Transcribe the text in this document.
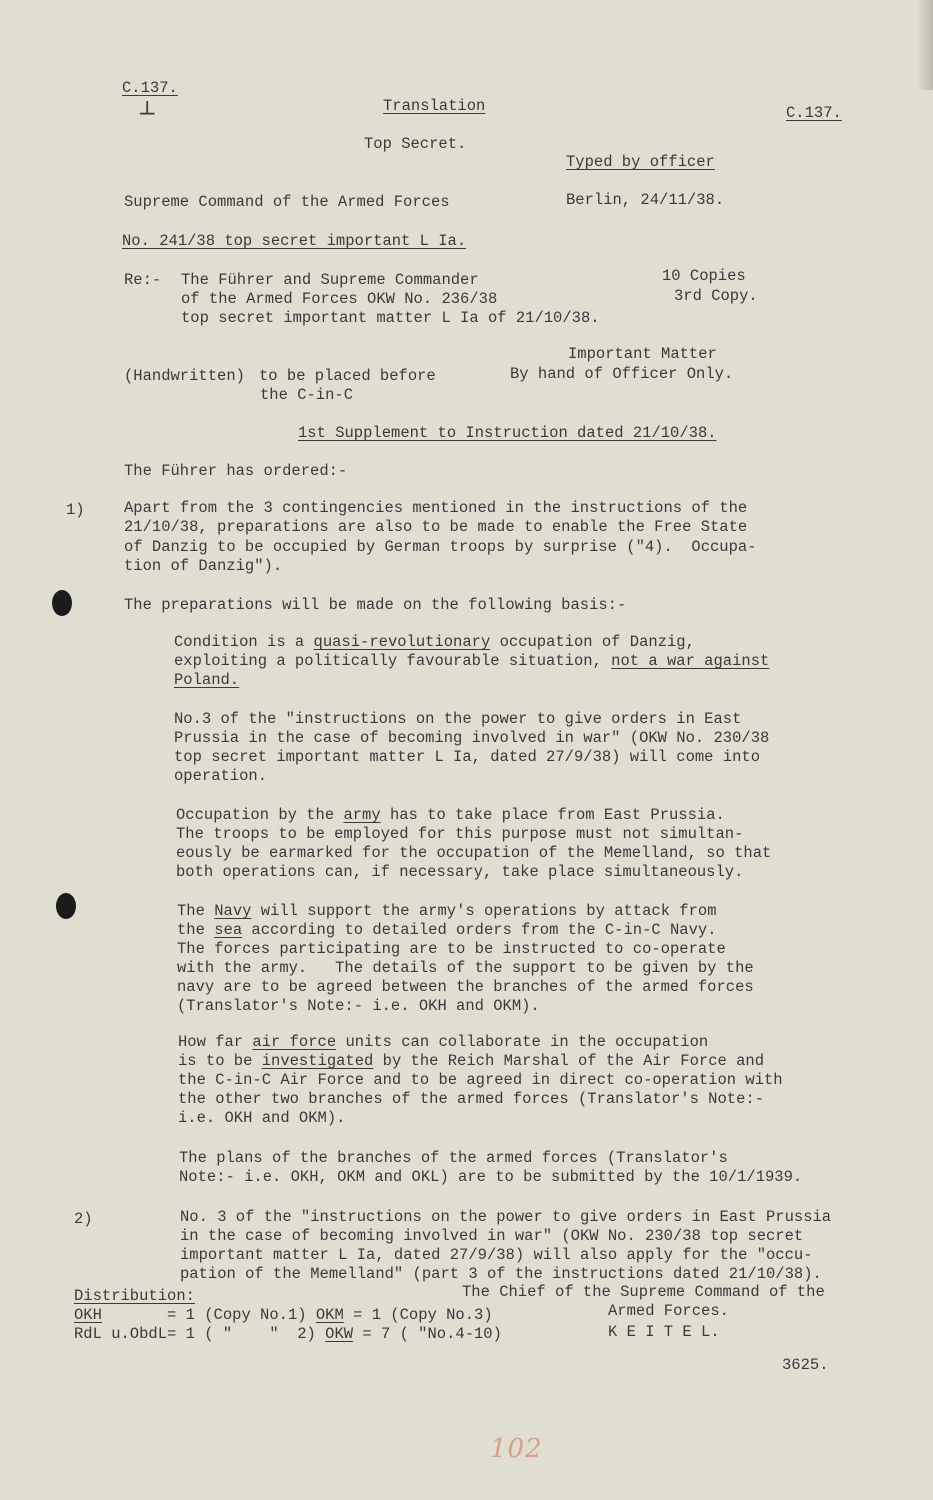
C.137.
┴	C.137.
Translation
Top Secret.
Typed by officer
Supreme Command of the Armed Forces	Berlin, 24/11/38.
No. 241/38 top secret important L Ia.
Re:- The Führer and Supreme Commander
of the Armed Forces OKW No. 236/38
top secret important matter L Ia of 21/10/38.
10 Copies
3rd Copy.
Important Matter
By hand of Officer Only.
(Handwritten) to be placed before
the C-in-C
1st Supplement to Instruction dated 21/10/38.
The Führer has ordered:-
1)	Apart from the 3 contingencies mentioned in the instructions of the
21/10/38, preparations are also to be made to enable the Free State
of Danzig to be occupied by German troops by surprise ("4).  Occupa-
tion of Danzig").
The preparations will be made on the following basis:-
Condition is a quasi-revolutionary occupation of Danzig,
exploiting a politically favourable situation, not a war against
Poland.
No.3 of the "instructions on the power to give orders in East
Prussia in the case of becoming involved in war" (OKW No. 230/38
top secret important matter L Ia, dated 27/9/38) will come into
operation.
Occupation by the army has to take place from East Prussia.
The troops to be employed for this purpose must not simultan-
eously be earmarked for the occupation of the Memelland, so that
both operations can, if necessary, take place simultaneously.
The Navy will support the army's operations by attack from
the sea according to detailed orders from the C-in-C Navy.
The forces participating are to be instructed to co-operate
with the army.   The details of the support to be given by the
navy are to be agreed between the branches of the armed forces
(Translator's Note:- i.e. OKH and OKM).
How far air force units can collaborate in the occupation
is to be investigated by the Reich Marshal of the Air Force and
the C-in-C Air Force and to be agreed in direct co-operation with
the other two branches of the armed forces (Translator's Note:-
i.e. OKH and OKM).
The plans of the branches of the armed forces (Translator's
Note:- i.e. OKH, OKM and OKL) are to be submitted by the 10/1/1939.
2)	No. 3 of the "instructions on the power to give orders in East Prussia
in the case of becoming involved in war" (OKW No. 230/38 top secret
important matter L Ia, dated 27/9/38) will also apply for the "occu-
pation of the Memelland" (part 3 of the instructions dated 21/10/38).
Distribution:
OKH	= 1 (Copy No.1) OKM = 1 (Copy No.3)
RdL u.ObdL= 1 ( "    "  2) OKW = 7 ( "No.4-10)
The Chief of the Supreme Command of the
Armed Forces.
K E I T E L.
3625.
102
